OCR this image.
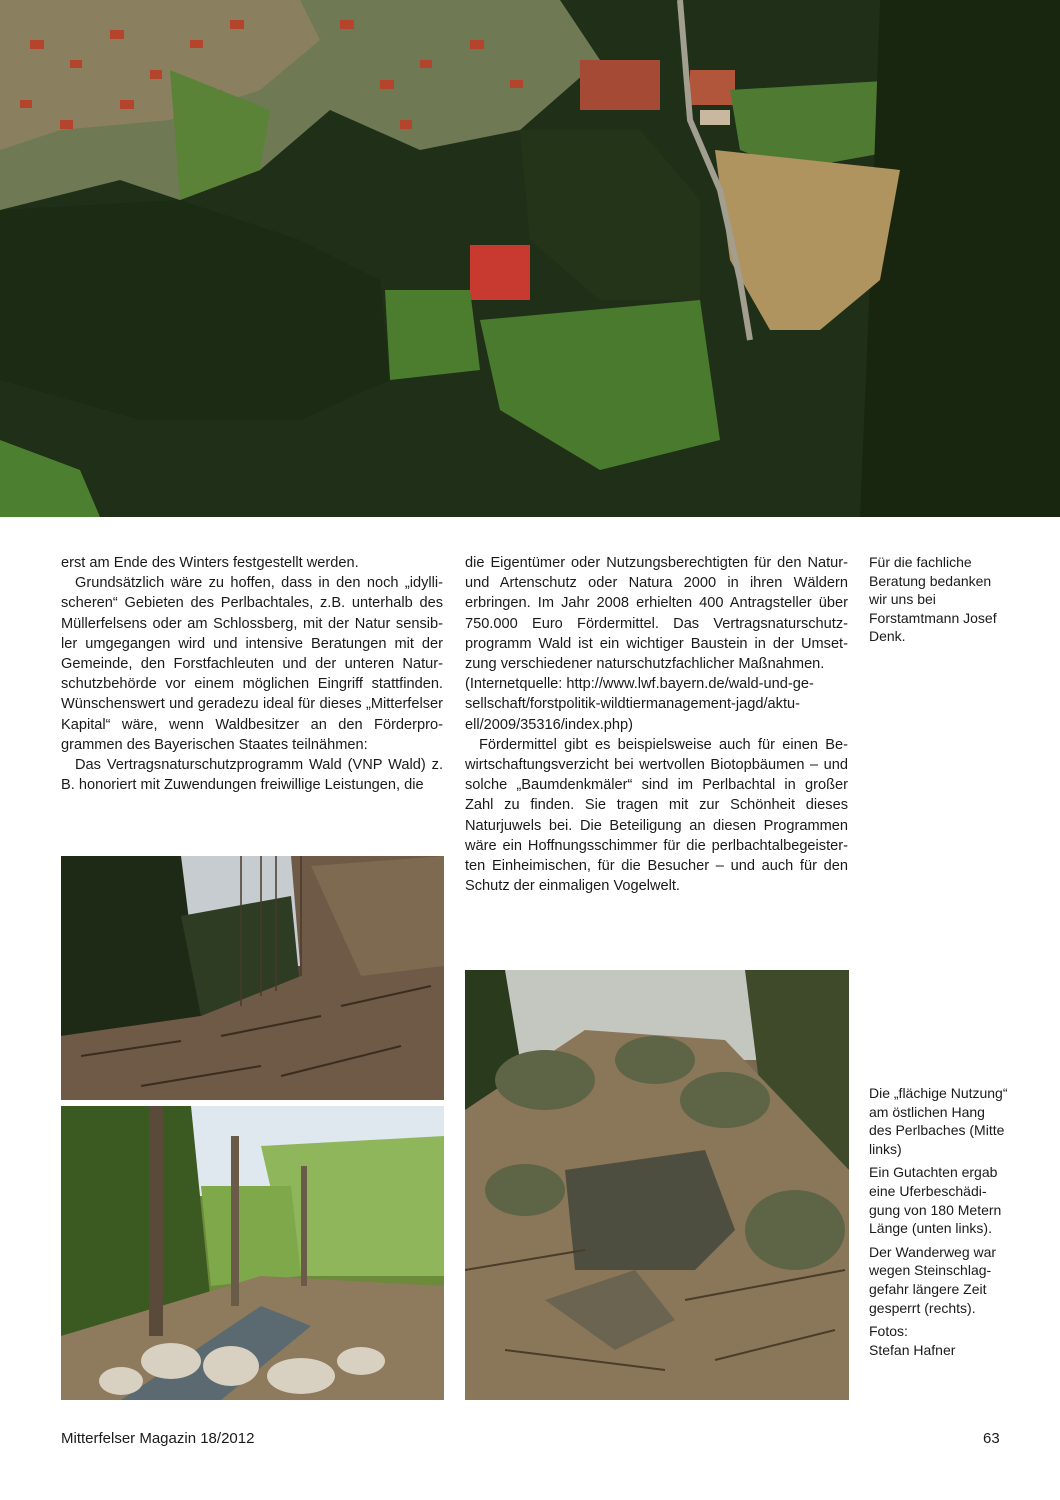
erst am Ende des Winters festgestellt werden.

Grundsätzlich wäre zu hoffen, dass in den noch „idyllischeren“ Gebieten des Perlbachtales, z.B. unterhalb des Müllerfelsens oder am Schlossberg, mit der Natur sensibler umgegangen wird und intensive Beratungen mit der Gemeinde, den Forstfachleuten und der unteren Naturschutzbehörde vor einem möglichen Eingriff stattfinden. Wünschenswert und geradezu ideal für dieses „Mitterfelser Kapital“ wäre, wenn Waldbesitzer an den Förderprogrammen des Bayerischen Staates teilnähmen:

Das Vertragsnaturschutzprogramm Wald (VNP Wald) z. B. honoriert mit Zuwendungen freiwillige Leistungen, die

die Eigentümer oder Nutzungsberechtigten für den Natur- und Artenschutz oder Natura 2000 in ihren Wäldern erbringen. Im Jahr 2008 erhielten 400 Antragsteller über 750.000 Euro Fördermittel. Das Vertragsnaturschutzprogramm Wald ist ein wichtiger Baustein in der Umsetzung verschiedener naturschutzfachlicher Maßnahmen.

(Internetquelle: http://www.lwf.bayern.de/wald-und-gesellschaft/forstpolitik-wildtiermanagement-jagd/aktuell/2009/35316/index.php)

Fördermittel gibt es beispielsweise auch für einen Bewirtschaftungsverzicht bei wertvollen Biotopbäumen – und solche „Baumdenkmäler“ sind im Perlbachtal in großer Zahl zu finden. Sie tragen mit zur Schönheit dieses Naturjuwels bei. Die Beteiligung an diesen Programmen wäre ein Hoffnungsschimmer für die perlbachtalbegeisterten Einheimischen, für die Besucher – und auch für den Schutz der einmaligen Vogelwelt.

Für die fachliche Beratung bedanken wir uns bei Forstamtmann Josef Denk.

Die „flächige Nutzung“ am östlichen Hang des Perlbaches (Mitte links)

Ein Gutachten ergab eine Uferbeschädigung von 180 Metern Länge (unten links).

Der Wanderweg war wegen Steinschlaggefahr längere Zeit gesperrt (rechts).

Fotos:
Stefan Hafner
Mitterfelser Magazin 18/2012	63
